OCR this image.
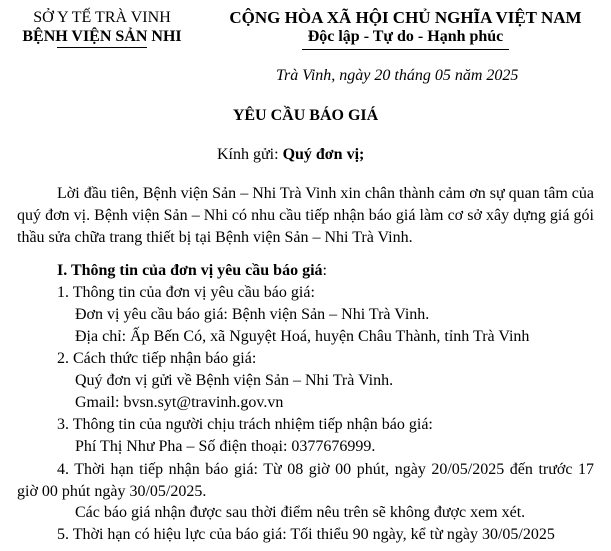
SỞ Y TẾ TRÀ VINH
BỆNH VIỆN SẢN NHI
CỘNG HÒA XÃ HỘI CHỦ NGHĨA VIỆT NAM
Độc lập - Tự do - Hạnh phúc
Trà Vinh, ngày 20 tháng 05 năm 2025
YÊU CẦU BÁO GIÁ
Kính gửi: Quý đơn vị;
Lời đầu tiên, Bệnh viện Sản – Nhi Trà Vinh xin chân thành cảm ơn sự quan tâm của quý đơn vị. Bệnh viện Sản – Nhi có nhu cầu tiếp nhận báo giá làm cơ sở xây dựng giá gói thầu sửa chữa trang thiết bị tại Bệnh viện Sản – Nhi Trà Vinh.
I. Thông tin của đơn vị yêu cầu báo giá:
1. Thông tin của đơn vị yêu cầu báo giá:
Đơn vị yêu cầu báo giá: Bệnh viện Sản – Nhi Trà Vinh.
Địa chỉ: Ấp Bến Có, xã Nguyệt Hoá, huyện Châu Thành, tỉnh Trà Vinh
2. Cách thức tiếp nhận báo giá:
Quý đơn vị gửi về Bệnh viện Sản – Nhi Trà Vinh.
Gmail: bvsn.syt@travinh.gov.vn
3. Thông tin của người chịu trách nhiệm tiếp nhận báo giá:
Phí Thị Như Pha – Số điện thoại: 0377676999.
4. Thời hạn tiếp nhận báo giá: Từ 08 giờ 00 phút, ngày 20/05/2025 đến trước 17 giờ 00 phút ngày 30/05/2025.
Các báo giá nhận được sau thời điểm nêu trên sẽ không được xem xét.
5. Thời hạn có hiệu lực của báo giá: Tối thiểu 90 ngày, kể từ ngày 30/05/2025
